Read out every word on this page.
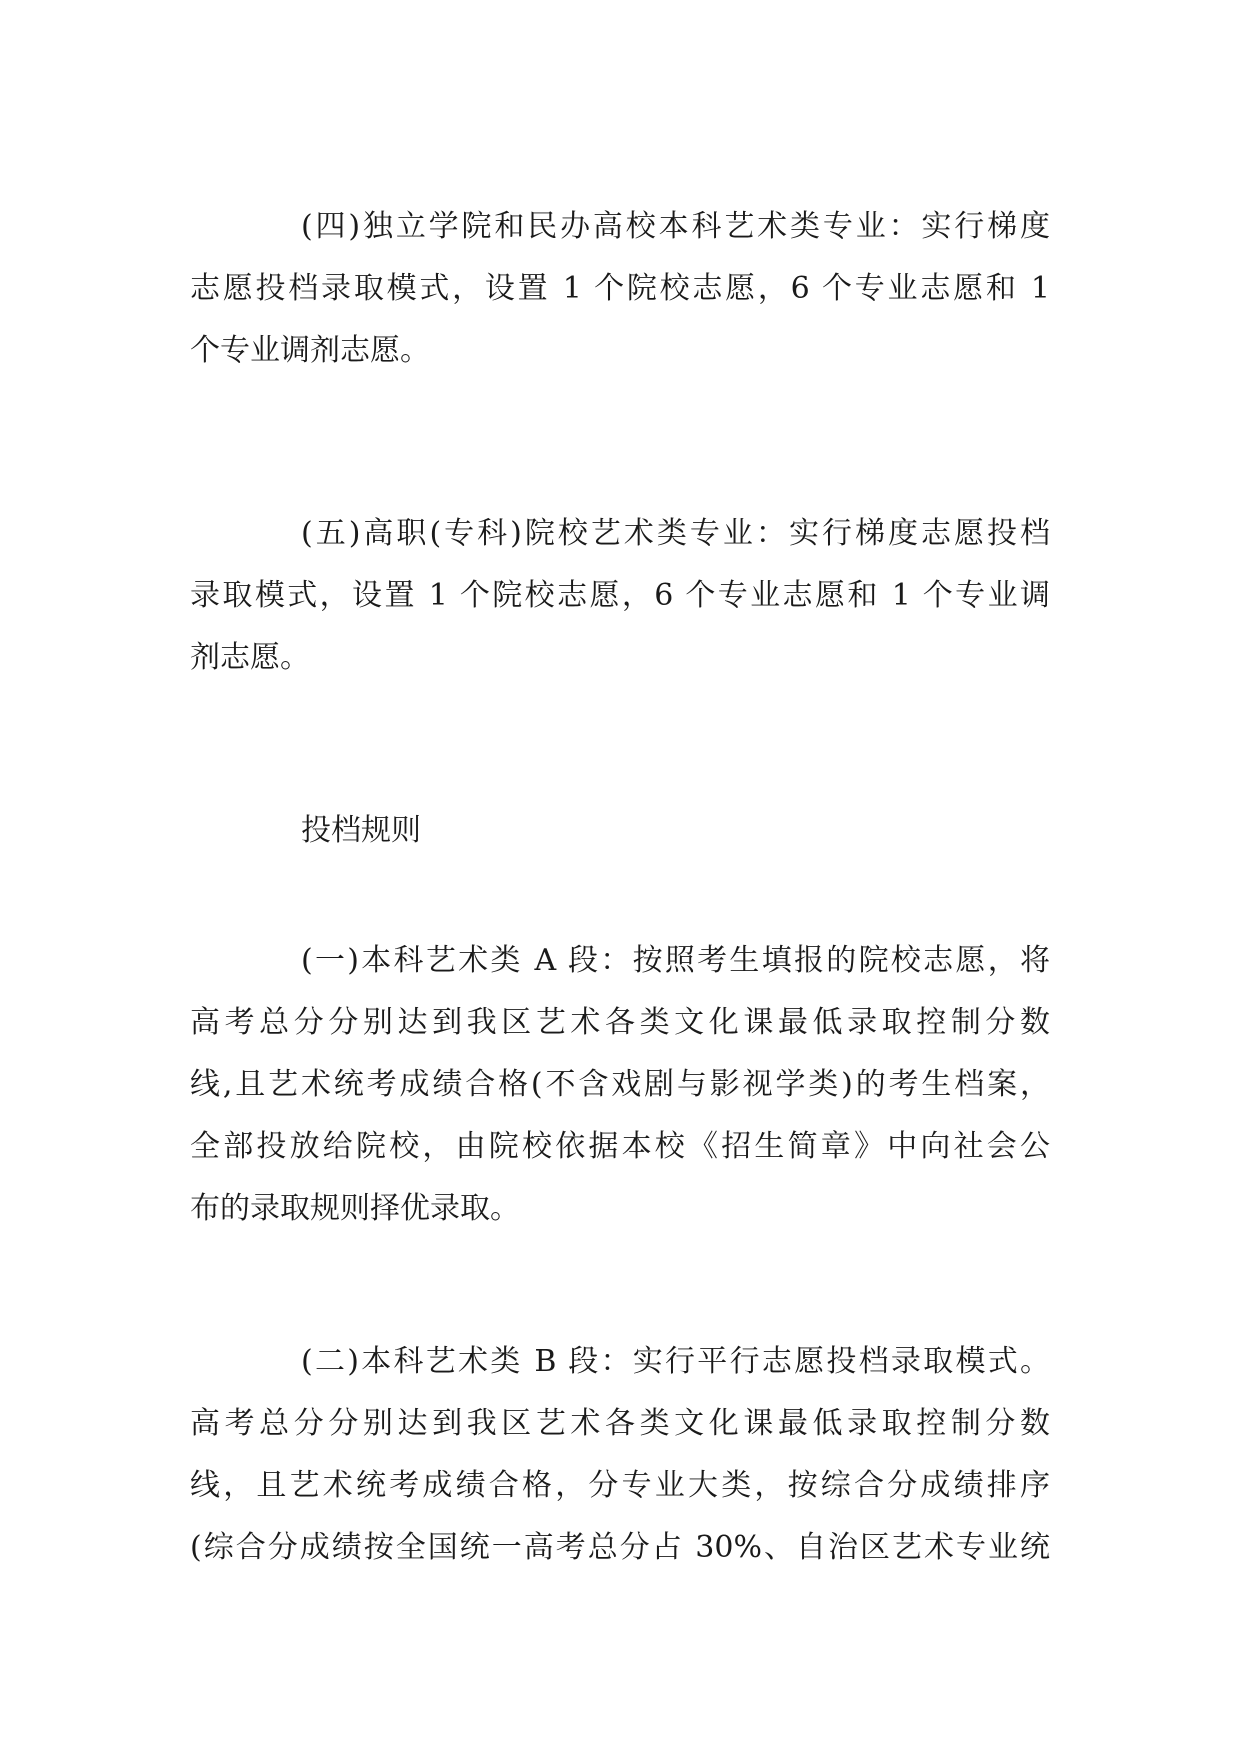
(四)独立学院和民办高校本科艺术类专业：实行梯度
志愿投档录取模式，设置 1 个院校志愿，6 个专业志愿和 1
个专业调剂志愿。
(五)高职(专科)院校艺术类专业：实行梯度志愿投档
录取模式，设置 1 个院校志愿，6 个专业志愿和 1 个专业调
剂志愿。
投档规则
(一)本科艺术类 A 段：按照考生填报的院校志愿，将
高考总分分别达到我区艺术各类文化课最低录取控制分数
线,且艺术统考成绩合格(不含戏剧与影视学类)的考生档案，
全部投放给院校，由院校依据本校《招生简章》中向社会公
布的录取规则择优录取。
(二)本科艺术类 B 段：实行平行志愿投档录取模式。
高考总分分别达到我区艺术各类文化课最低录取控制分数
线，且艺术统考成绩合格，分专业大类，按综合分成绩排序
(综合分成绩按全国统一高考总分占 30%、自治区艺术专业统
